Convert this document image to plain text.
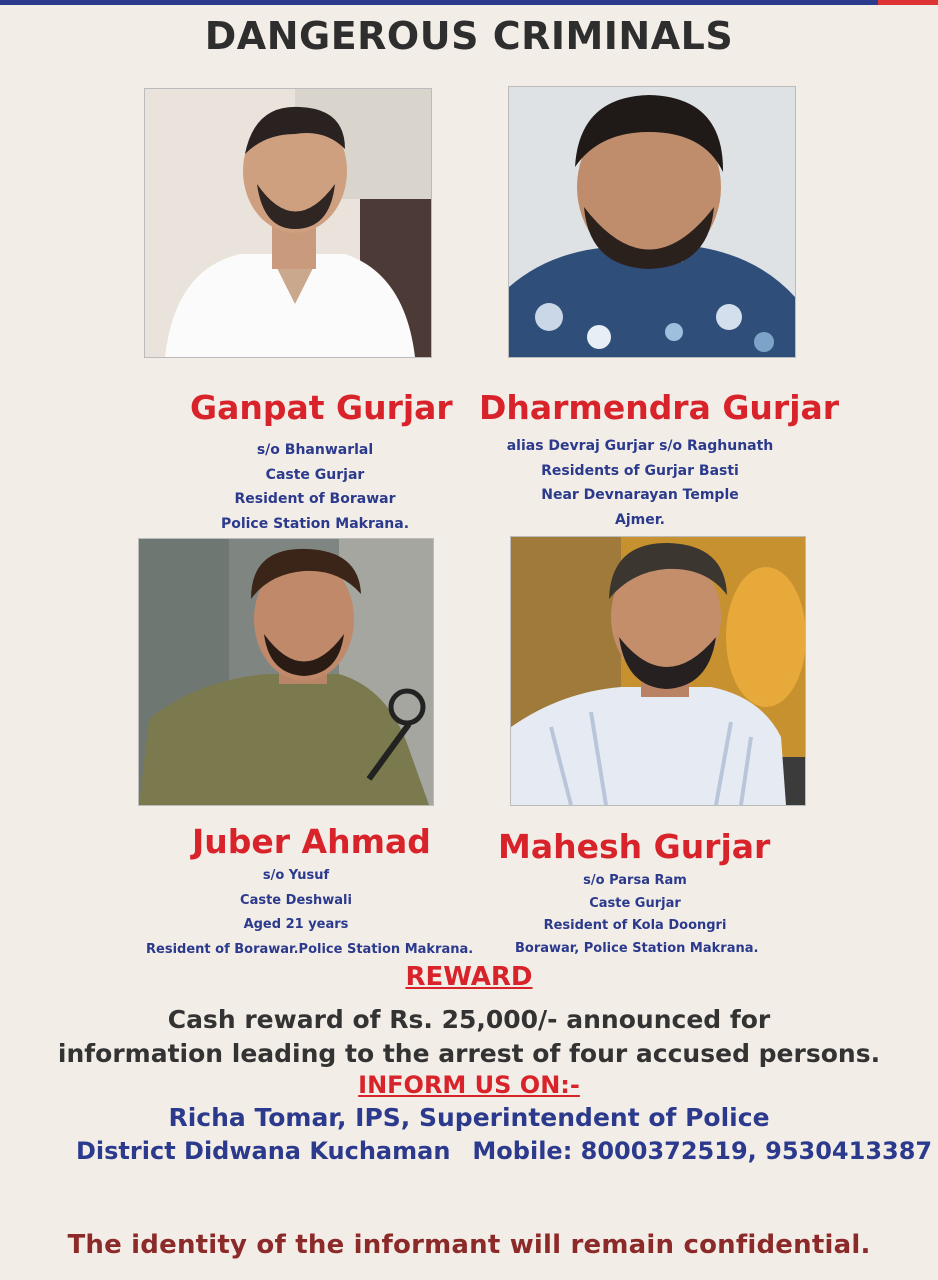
DANGEROUS CRIMINALS
Ganpat Gurjar
s/o Bhanwarlal
Caste Gurjar
Resident of Borawar
Police Station Makrana.
Dharmendra Gurjar
alias Devraj Gurjar s/o Raghunath
Residents of Gurjar Basti
Near Devnarayan Temple
Ajmer.
Juber Ahmad
s/o Yusuf
Caste Deshwali
Aged 21 years
Resident of Borawar.Police Station Makrana.
Mahesh Gurjar
s/o Parsa Ram
Caste Gurjar
Resident of Kola Doongri
Borawar, Police Station Makrana.
REWARD
Cash reward of Rs. 25,000/- announced for
information leading to the arrest of four accused persons.
INFORM US ON:-
Richa Tomar, IPS, Superintendent of Police
District Didwana Kuchaman Mobile: 8000372519, 9530413387
The identity of the informant will remain confidential.
